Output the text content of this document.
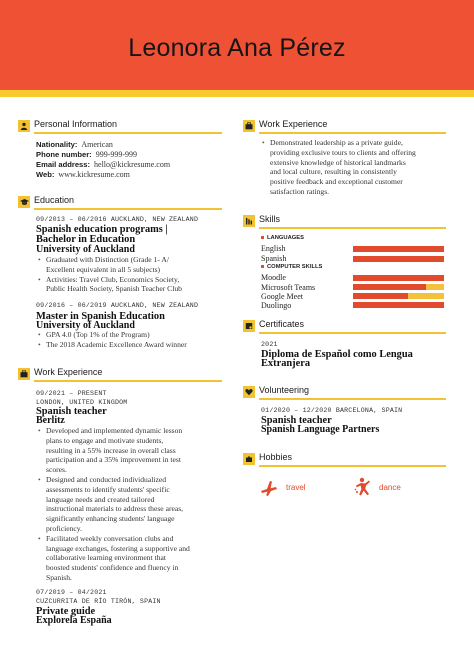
Leonora Ana Pérez
Personal Information
Nationality: American
Phone number: 999-999-999
Email address: hello@kickresume.com
Web: www.kickresume.com
Education
09/2013 – 06/2016 AUCKLAND, NEW ZEALAND
Spanish education programs |
Bachelor in Education
University of Auckland
• Graduated with Distinction (Grade 1- A/
Excellent equivalent in all 5 subjects)
• Activities: Travel Club, Economics Society,
Public Health Society, Spanish Teacher Club
09/2016 – 06/2019 AUCKLAND, NEW ZEALAND
Master in Spanish Education
University of Auckland
• GPA 4.0 (Top 1% of the Program)
• The 2018 Academic Excellence Award winner
Work Experience
09/2021 – PRESENT
LONDON, UNITED KINGDOM
Spanish teacher
Berlitz
• Developed and implemented dynamic lesson
plans to engage and motivate students,
resulting in a 55% increase in overall class
participation and a 35% improvement in test
scores.
• Designed and conducted individualized
assessments to identify students' specific
language needs and created tailored
instructional materials to address these areas,
significantly enhancing students' language
proficiency.
• Facilitated weekly conversation clubs and
language exchanges, fostering a supportive and
collaborative learning environment that
boosted students' confidence and fluency in
Spanish.
07/2019 – 04/2021
CUZCURRITA DE RÍO TIRÓN, SPAIN
Private guide
Explorela España
Work Experience
• Demonstrated leadership as a private guide,
providing exclusive tours to clients and offering
extensive knowledge of historical landmarks
and local culture, resulting in consistently
positive feedback and exceptional customer
satisfaction ratings.
Skills
LANGUAGES
English
Spanish
COMPUTER SKILLS
Moodle
Microsoft Teams
Google Meet
Duolingo
Certificates
2021
Diploma de Español como Lengua
Extranjera
Volunteering
01/2020 – 12/2020 BARCELONA, SPAIN
Spanish teacher
Spanish Language Partners
Hobbies
travel	dance
